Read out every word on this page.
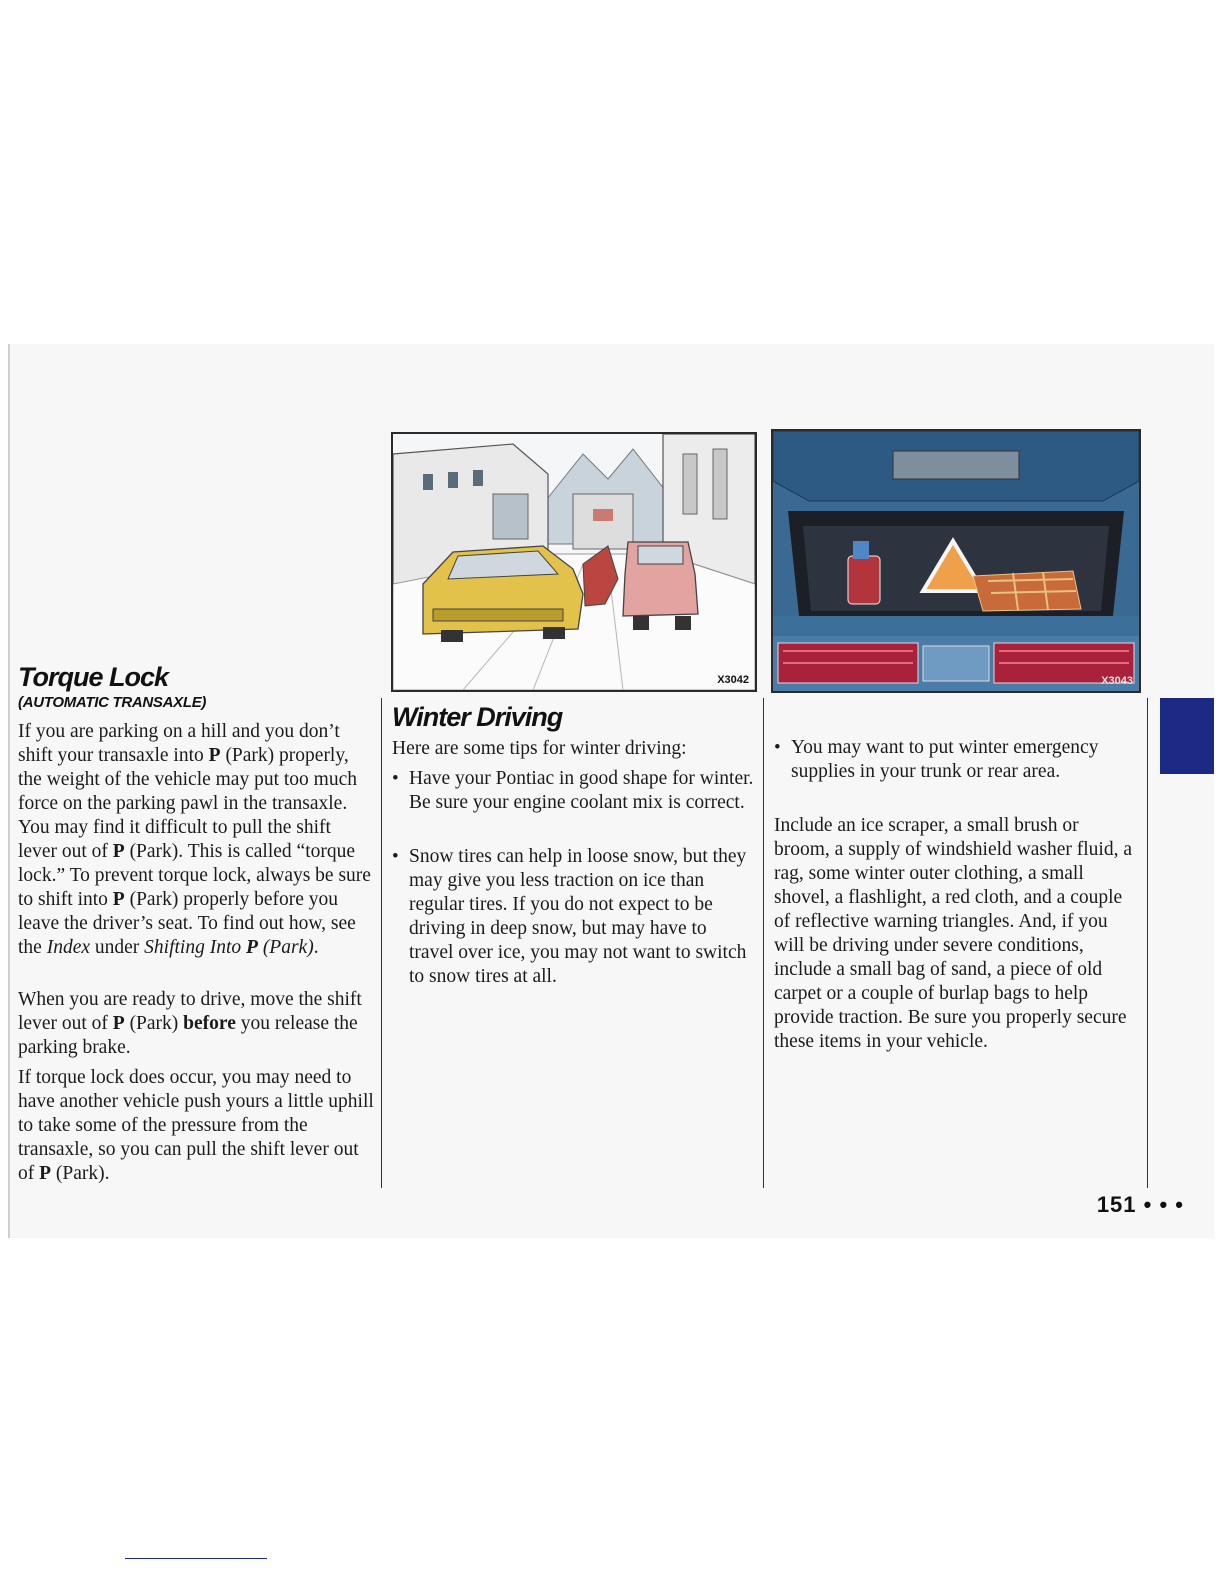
Torque Lock
(AUTOMATIC TRANSAXLE)

If you are parking on a hill and you don’t shift your transaxle into P (Park) properly, the weight of the vehicle may put too much force on the parking pawl in the transaxle. You may find it difficult to pull the shift lever out of P (Park). This is called “torque lock.” To prevent torque lock, always be sure to shift into P (Park) properly before you leave the driver’s seat. To find out how, see the Index under Shifting Into P (Park).

When you are ready to drive, move the shift lever out of P (Park) before you release the parking brake.

If torque lock does occur, you may need to have another vehicle push yours a little uphill to take some of the pressure from the transaxle, so you can pull the shift lever out of P (Park).

X3042
Winter Driving

Here are some tips for winter driving:

• Have your Pontiac in good shape for winter. Be sure your engine coolant mix is correct.

• Snow tires can help in loose snow, but they may give you less traction on ice than regular tires. If you do not expect to be driving in deep snow, but may have to travel over ice, you may not want to switch to snow tires at all.

X3043

• You may want to put winter emergency supplies in your trunk or rear area.

Include an ice scraper, a small brush or broom, a supply of windshield washer fluid, a rag, some winter outer clothing, a small shovel, a flashlight, a red cloth, and a couple of reflective warning triangles. And, if you will be driving under severe conditions, include a small bag of sand, a piece of old carpet or a couple of burlap bags to help provide traction. Be sure you properly secure these items in your vehicle.

151 • • •
